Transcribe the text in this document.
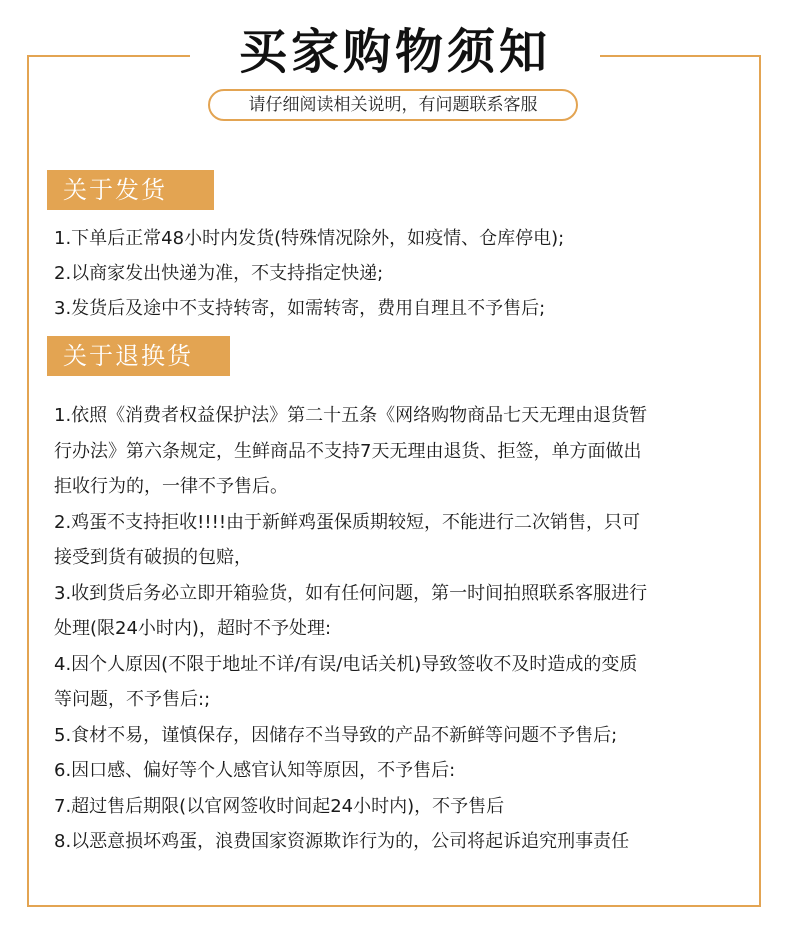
买家购物须知
请仔细阅读相关说明，有问题联系客服
关于发货
1.下单后正常48小时内发货(特殊情况除外，如疫情、仓库停电);
2.以商家发出快递为准，不支持指定快递;
3.发货后及途中不支持转寄，如需转寄，费用自理且不予售后;
关于退换货
1.依照《消费者权益保护法》第二十五条《网络购物商品七天无理由退货暂
行办法》第六条规定，生鲜商品不支持7天无理由退货、拒签，单方面做出
拒收行为的，一律不予售后。
2.鸡蛋不支持拒收!!!!由于新鲜鸡蛋保质期较短，不能进行二次销售，只可
接受到货有破损的包赔，
3.收到货后务必立即开箱验货，如有任何问题，第一时间拍照联系客服进行
处理(限24小时内)，超时不予处理:
4.因个人原因(不限于地址不详/有误/电话关机)导致签收不及时造成的变质
等问题，不予售后:;
5.食材不易，谨慎保存，因储存不当导致的产品不新鲜等问题不予售后;
6.因口感、偏好等个人感官认知等原因，不予售后:
7.超过售后期限(以官网签收时间起24小时内)，不予售后
8.以恶意损坏鸡蛋，浪费国家资源欺诈行为的，公司将起诉追究刑事责任
